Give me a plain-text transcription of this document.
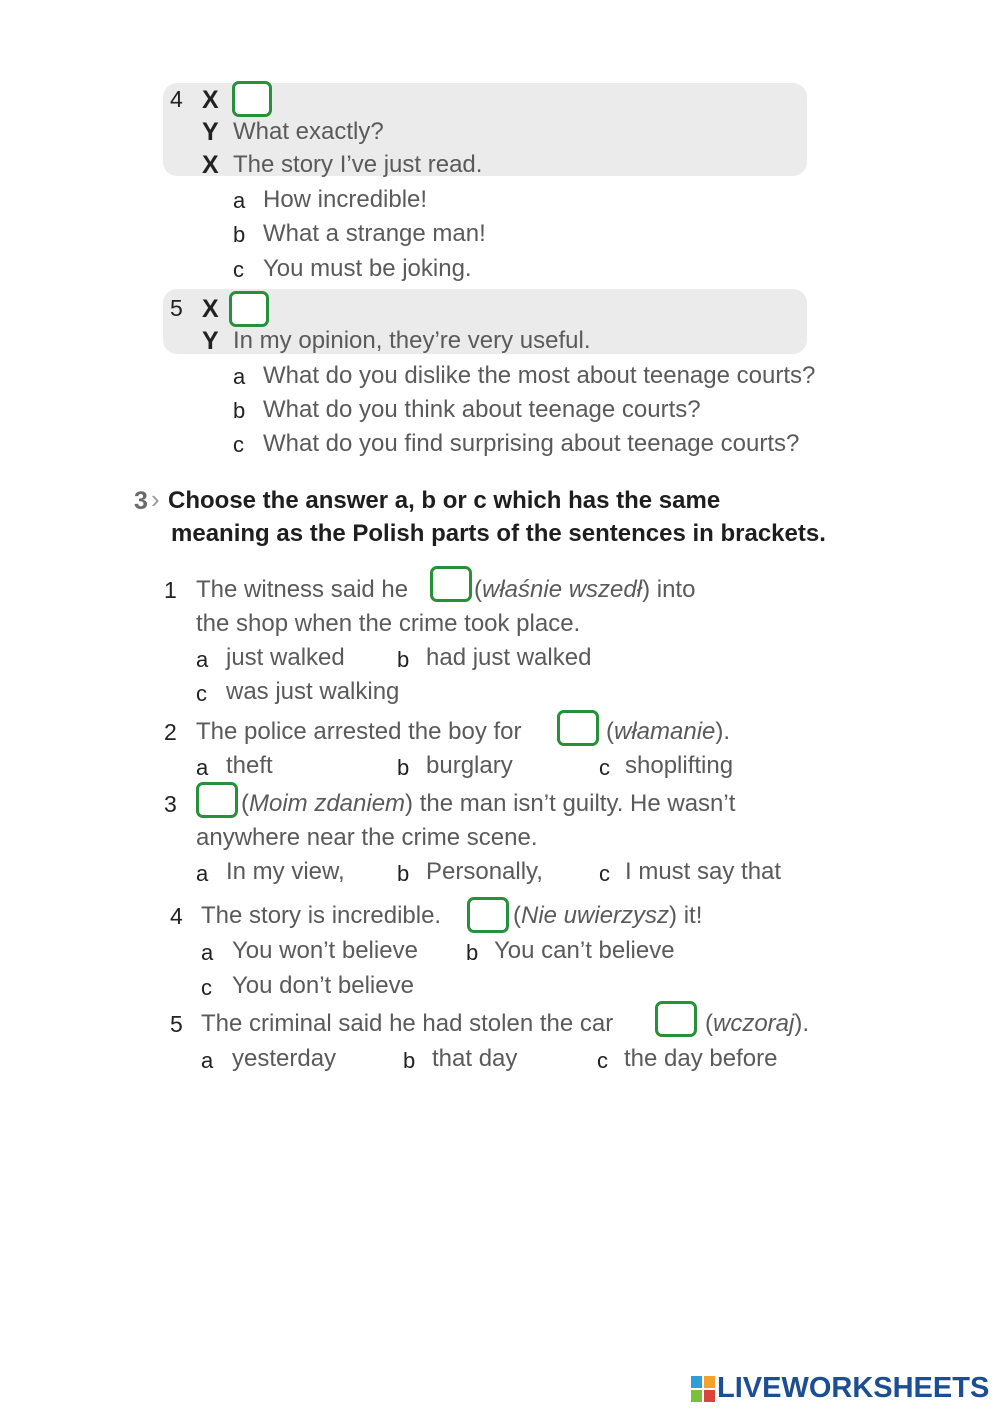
4 X
Y What exactly?
X The story I’ve just read.
a How incredible!
b What a strange man!
c You must be joking.
5 X
Y In my opinion, they’re very useful.
a What do you dislike the most about teenage courts?
b What do you think about teenage courts?
c What do you find surprising about teenage courts?
3 › Choose the answer a, b or c which has the same
meaning as the Polish parts of the sentences in brackets.
1 The witness said he	(właśnie wszedł) into
the shop when the crime took place.
a just walked b had just walked
c was just walking
2 The police arrested the boy for	(włamanie).
a theft	b burglary	c shoplifting
3	(Moim zdaniem) the man isn’t guilty. He wasn’t
anywhere near the crime scene.
a In my view, b Personally,	c I must say that
4 The story is incredible.	(Nie uwierzysz) it!
a You won’t believe b You can’t believe
c You don’t believe
5 The criminal said he had stolen the car	(wczoraj).
a yesterday	b that day	c the day before
LIVEWORKSHEETS
